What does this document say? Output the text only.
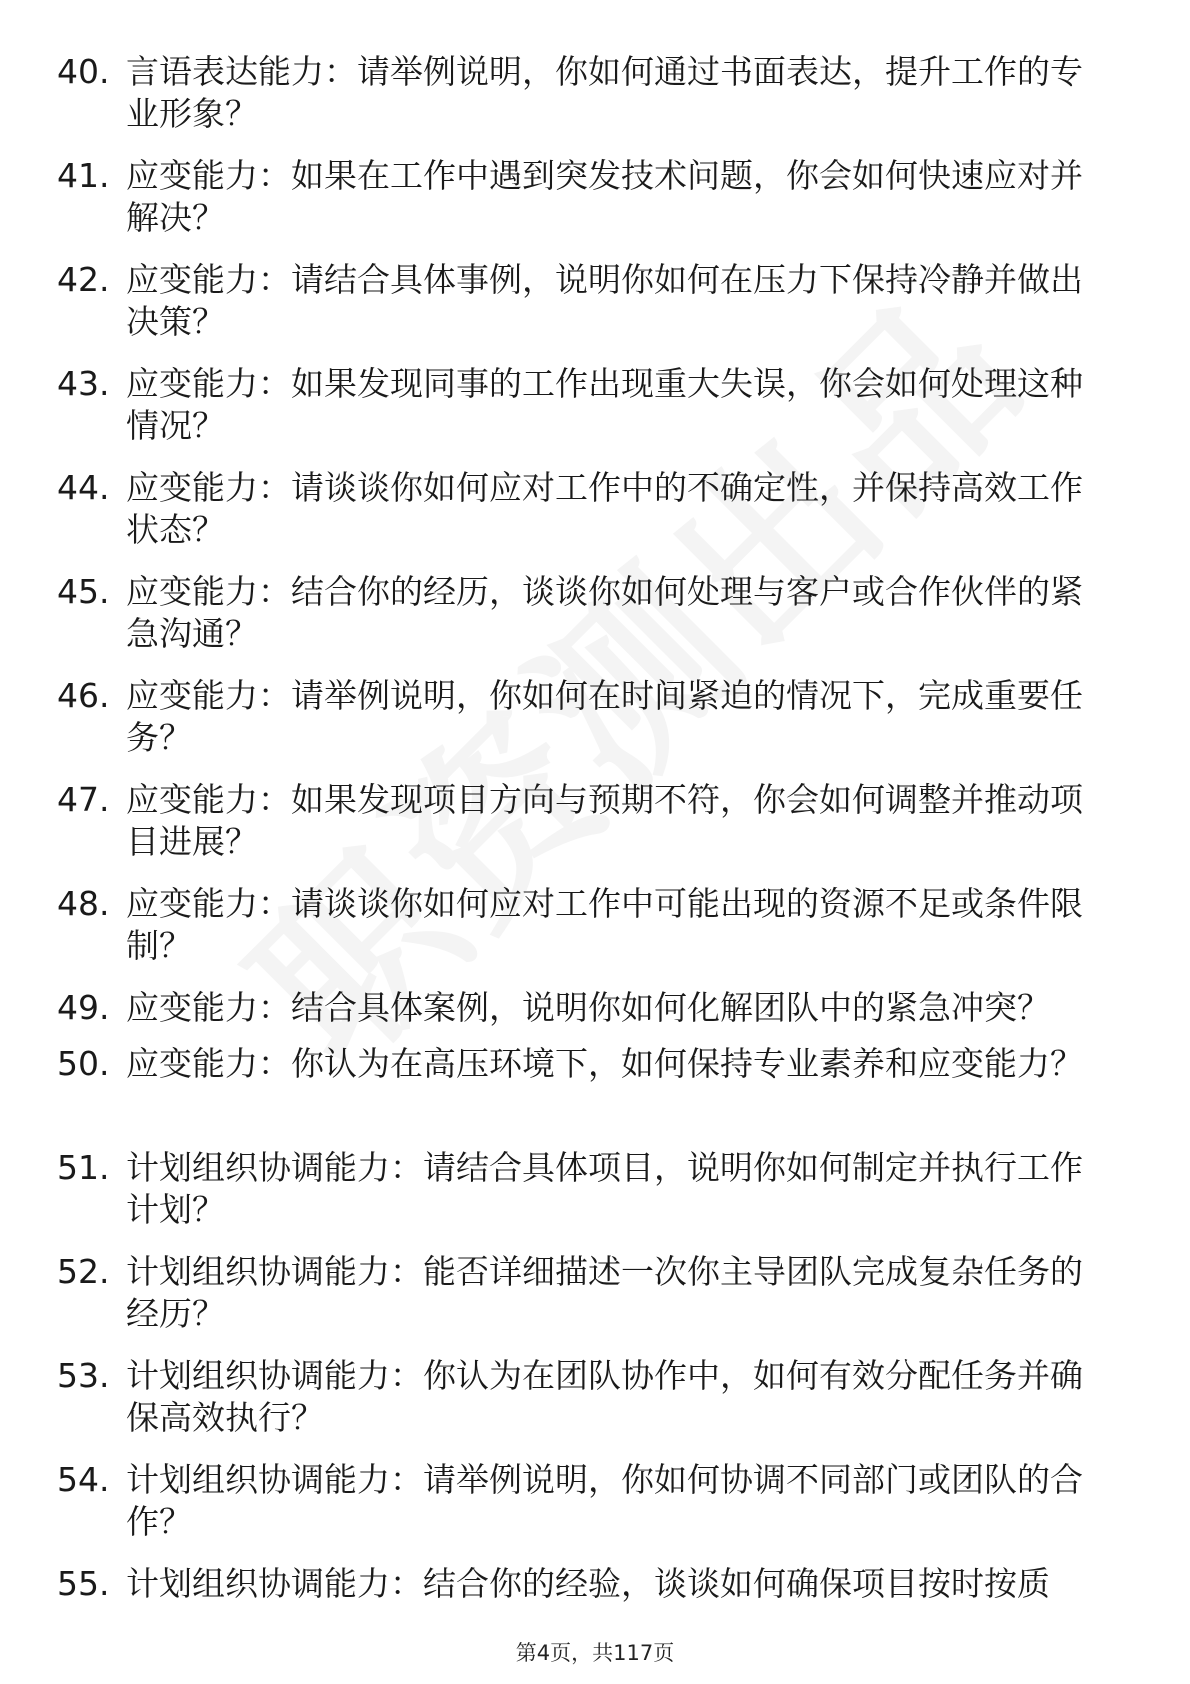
40. 言语表达能力：请举例说明，你如何通过书面表达，提升工作的专业形象？
41. 应变能力：如果在工作中遇到突发技术问题，你会如何快速应对并解决？
42. 应变能力：请结合具体事例，说明你如何在压力下保持冷静并做出决策？
43. 应变能力：如果发现同事的工作出现重大失误，你会如何处理这种情况？
44. 应变能力：请谈谈你如何应对工作中的不确定性，并保持高效工作状态？
45. 应变能力：结合你的经历，谈谈你如何处理与客户或合作伙伴的紧急沟通？
46. 应变能力：请举例说明，你如何在时间紧迫的情况下，完成重要任务？
47. 应变能力：如果发现项目方向与预期不符，你会如何调整并推动项目进展？
48. 应变能力：请谈谈你如何应对工作中可能出现的资源不足或条件限制？
49. 应变能力：结合具体案例，说明你如何化解团队中的紧急冲突？
50. 应变能力：你认为在高压环境下，如何保持专业素养和应变能力？
51. 计划组织协调能力：请结合具体项目，说明你如何制定并执行工作计划？
52. 计划组织协调能力：能否详细描述一次你主导团队完成复杂任务的经历？
53. 计划组织协调能力：你认为在团队协作中，如何有效分配任务并确保高效执行？
54. 计划组织协调能力：请举例说明，你如何协调不同部门或团队的合作？
55. 计划组织协调能力：结合你的经验，谈谈如何确保项目按时按质
第4页，共117页
